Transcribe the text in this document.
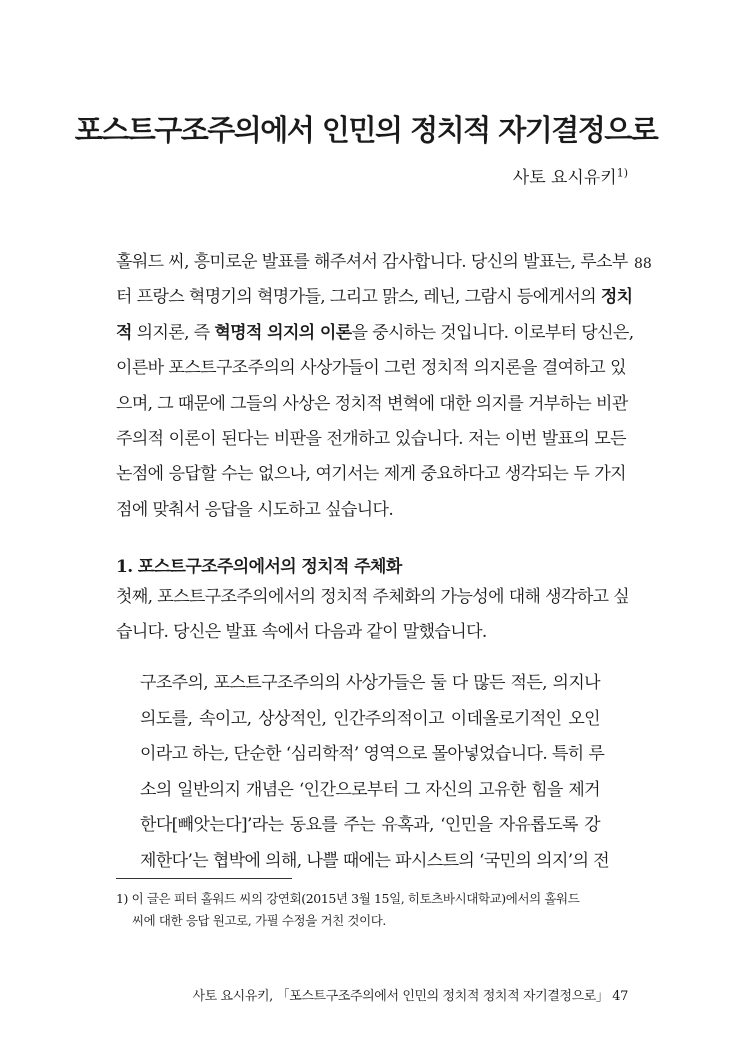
포스트구조주의에서 인민의 정치적 자기결정으로
사토 요시유키$^{1)}$
88
홀워드 씨, 흥미로운 발표를 해주셔서 감사합니다. 당신의 발표는, 루소부
터 프랑스 혁명기의 혁명가들, 그리고 맑스, 레닌, 그람시 등에게서의 정치
적 의지론, 즉 혁명적 의지의 이론을 중시하는 것입니다. 이로부터 당신은,
이른바 포스트구조주의의 사상가들이 그런 정치적 의지론을 결여하고 있
으며, 그 때문에 그들의 사상은 정치적 변혁에 대한 의지를 거부하는 비관
주의적 이론이 된다는 비판을 전개하고 있습니다. 저는 이번 발표의 모든
논점에 응답할 수는 없으나, 여기서는 제게 중요하다고 생각되는 두 가지
점에 맞춰서 응답을 시도하고 싶습니다.
1. 포스트구조주의에서의 정치적 주체화
첫째, 포스트구조주의에서의 정치적 주체화의 가능성에 대해 생각하고 싶
습니다. 당신은 발표 속에서 다음과 같이 말했습니다.
구조주의, 포스트구조주의의 사상가들은 둘 다 많든 적든, 의지나
의도를, 속이고, 상상적인, 인간주의적이고 이데올로기적인 오인
이라고 하는, 단순한 ‘심리학적’ 영역으로 몰아넣었습니다. 특히 루
소의 일반의지 개념은 ‘인간으로부터 그 자신의 고유한 힘을 제거
한다[빼앗는다]’라는 동요를 주는 유혹과, ‘인민을 자유롭도록 강
제한다’는 협박에 의해, 나쁠 때에는 파시스트의 ‘국민의 의지’의 전
1) 이 글은 피터 홀워드 씨의 강연회(2015년 3월 15일, 히토츠바시대학교)에서의 홀워드
씨에 대한 응답 원고로, 가필 수정을 거친 것이다.
사토 요시유키, 「포스트구조주의에서 인민의 정치적 정치적 자기결정으로」 47
